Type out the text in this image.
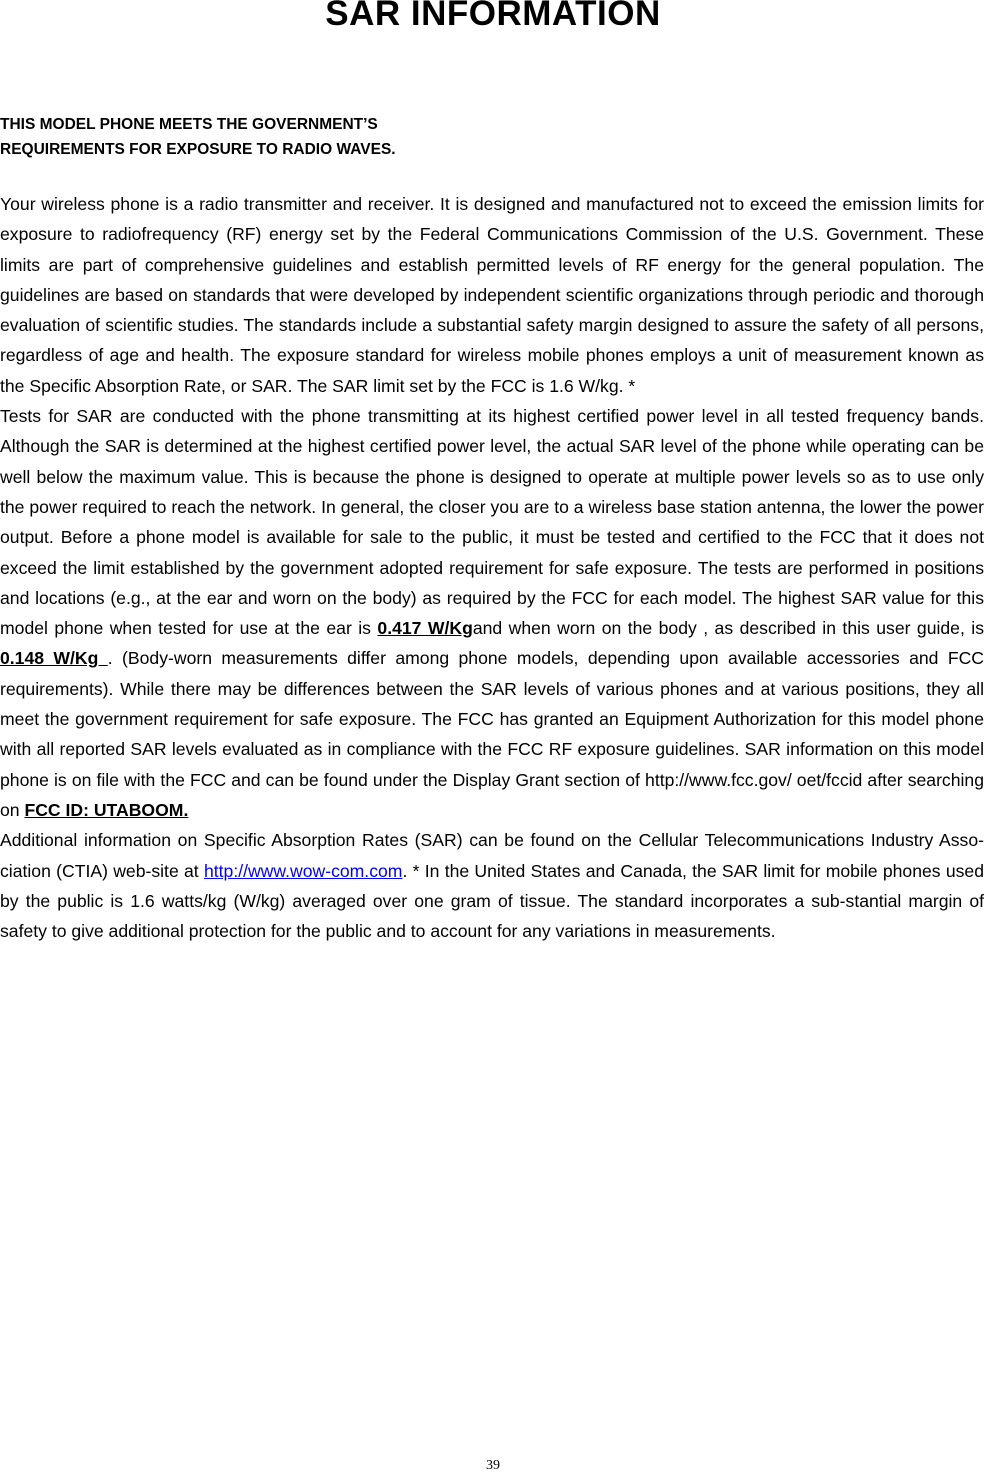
SAR INFORMATION
THIS MODEL PHONE MEETS THE GOVERNMENT’S
REQUIREMENTS FOR EXPOSURE TO RADIO WAVES.

Your wireless phone is a radio transmitter and receiver. It is designed and manufactured not to exceed the emission limits for exposure to radiofrequency (RF) energy set by the Federal Communications Commission of the U.S. Government. These limits are part of comprehensive guidelines and establish permitted levels of RF energy for the general population. The guidelines are based on standards that were developed by independent scientific organizations through periodic and thorough evaluation of scientific studies. The standards include a substantial safety margin designed to assure the safety of all persons, regardless of age and health. The exposure standard for wireless mobile phones employs a unit of measurement known as the Specific Absorption Rate, or SAR. The SAR limit set by the FCC is 1.6 W/kg. *

Tests for SAR are conducted with the phone transmitting at its highest certified power level in all tested frequency bands. Although the SAR is determined at the highest certified power level, the actual SAR level of the phone while operating can be well below the maximum value. This is because the phone is designed to operate at multiple power levels so as to use only the power required to reach the network. In general, the closer you are to a wireless base station antenna, the lower the power output. Before a phone model is available for sale to the public, it must be tested and certified to the FCC that it does not exceed the limit established by the government adopted requirement for safe exposure. The tests are performed in positions and locations (e.g., at the ear and worn on the body) as required by the FCC for each model. The highest SAR value for this model phone when tested for use at the ear is 0.417 W/Kgand when worn on the body , as described in this user guide, is 0.148 W/Kg . (Body-worn measurements differ among phone models, depending upon available accessories and FCC requirements). While there may be differences between the SAR levels of various phones and at various positions, they all meet the government requirement for safe exposure. The FCC has granted an Equipment Authorization for this model phone with all reported SAR levels evaluated as in compliance with the FCC RF exposure guidelines. SAR information on this model phone is on file with the FCC and can be found under the Display Grant section of http://www.fcc.gov/ oet/fccid after searching on FCC ID: UTABOOM.

Additional information on Specific Absorption Rates (SAR) can be found on the Cellular Telecommunications Industry Asso-ciation (CTIA) web-site at http://www.wow-com.com. * In the United States and Canada, the SAR limit for mobile phones used by the public is 1.6 watts/kg (W/kg) averaged over one gram of tissue. The standard incorporates a sub-stantial margin of safety to give additional protection for the public and to account for any variations in measurements.

39
